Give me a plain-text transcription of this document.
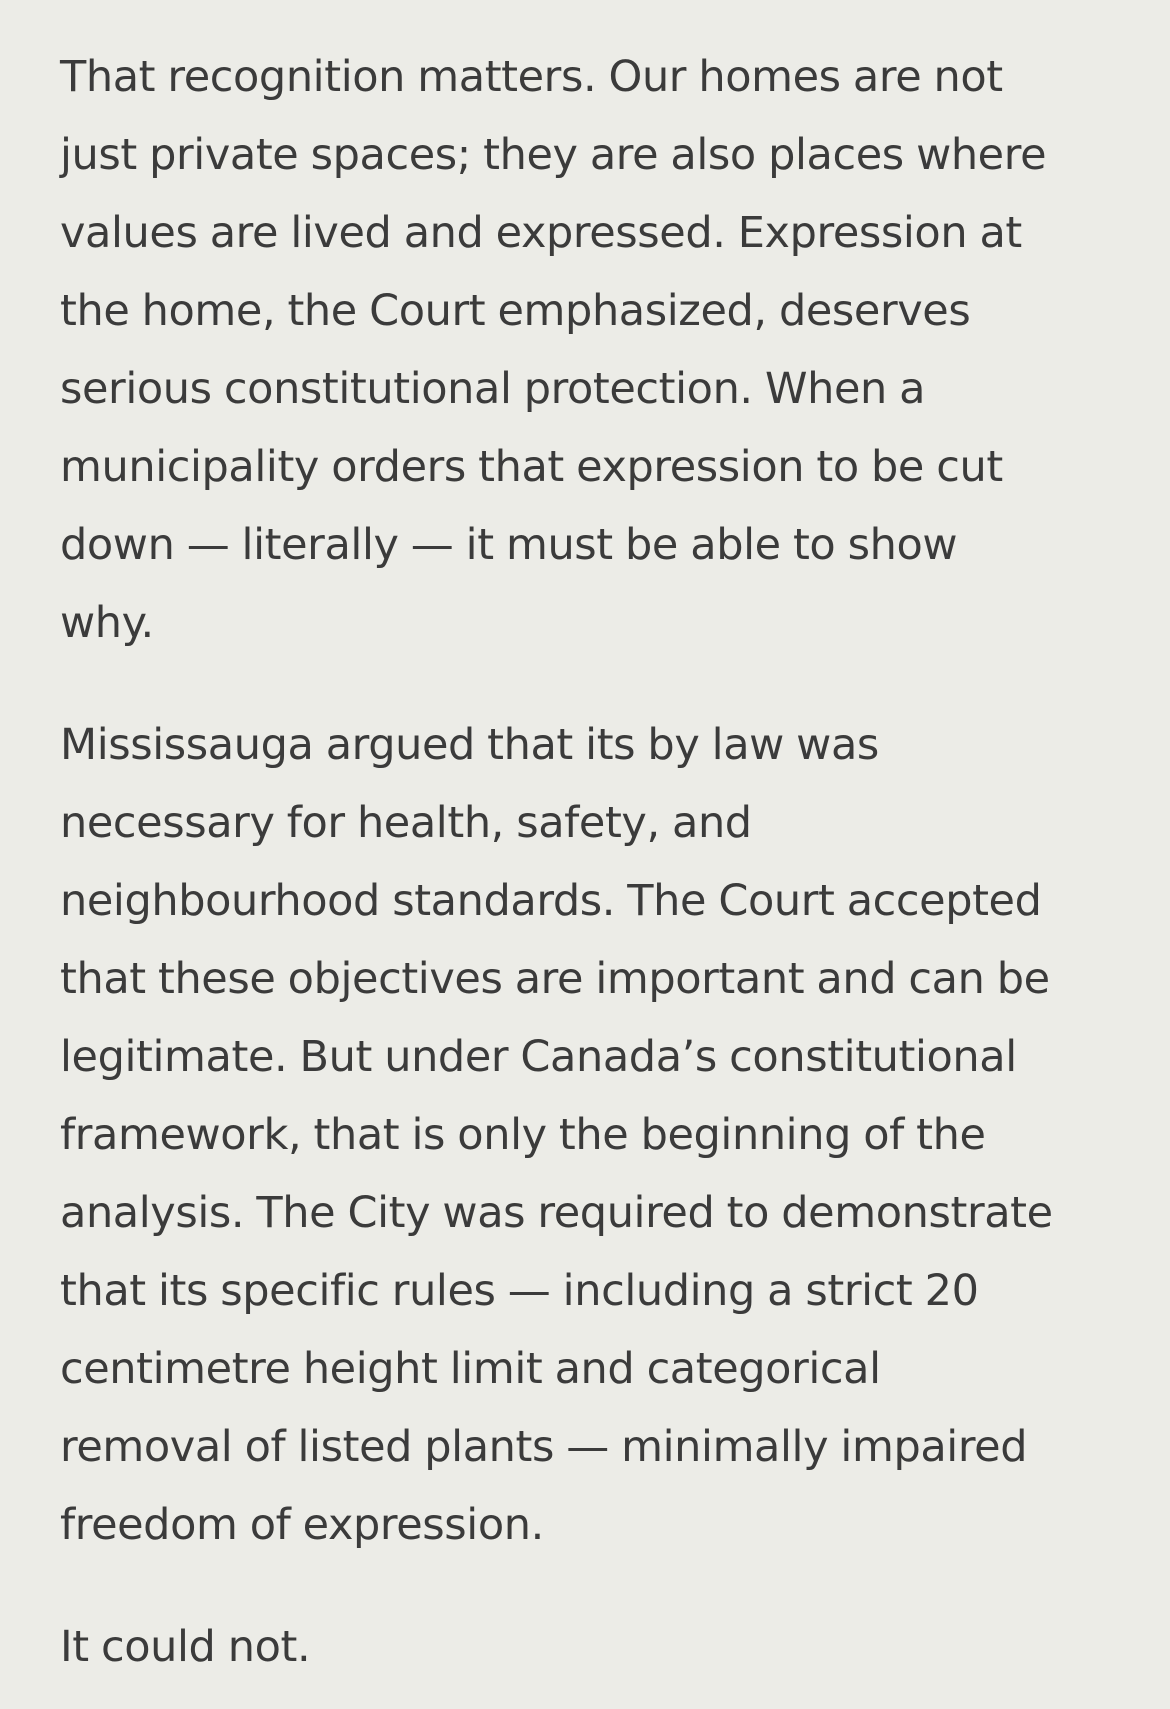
That recognition matters. Our homes are not
just private spaces; they are also places where
values are lived and expressed. Expression at
the home, the Court emphasized, deserves
serious constitutional protection. When a
municipality orders that expression to be cut
down — literally — it must be able to show
why.

Mississauga argued that its by law was
necessary for health, safety, and
neighbourhood standards. The Court accepted
that these objectives are important and can be
legitimate. But under Canada’s constitutional
framework, that is only the beginning of the
analysis. The City was required to demonstrate
that its specific rules — including a strict 20
centimetre height limit and categorical
removal of listed plants — minimally impaired
freedom of expression.

It could not.
